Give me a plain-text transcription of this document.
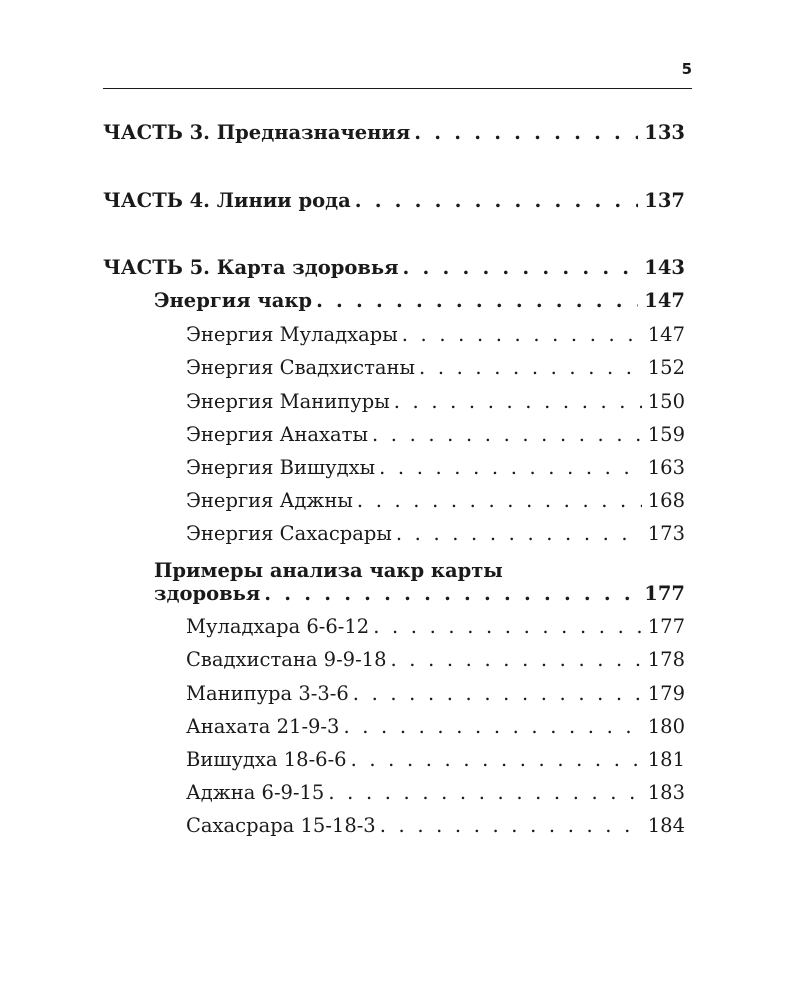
5
ЧАСТЬ 3. Предназначения . . .	133
ЧАСТЬ 4. Линии рода . . .	137
ЧАСТЬ 5. Карта здоровья . . .	143
Энергия чакр . . .	147
Энергия Муладхары . . .	147
Энергия Свадхистаны . . .	152
Энергия Манипуры . . .	150
Энергия Анахаты . . .	159
Энергия Вишудхы . . .	163
Энергия Аджны . . .	168
Энергия Сахасрары . . .	173
Примеры анализа чакр карты
здоровья . . .	177
Муладхара 6-6-12 . . .	177
Свадхистана 9-9-18 . . .	178
Манипура 3-3-6 . . .	179
Анахата 21-9-3 . . .	180
Вишудха 18-6-6 . . .	181
Аджна 6-9-15 . . .	183
Сахасрара 15-18-3 . . .	184
